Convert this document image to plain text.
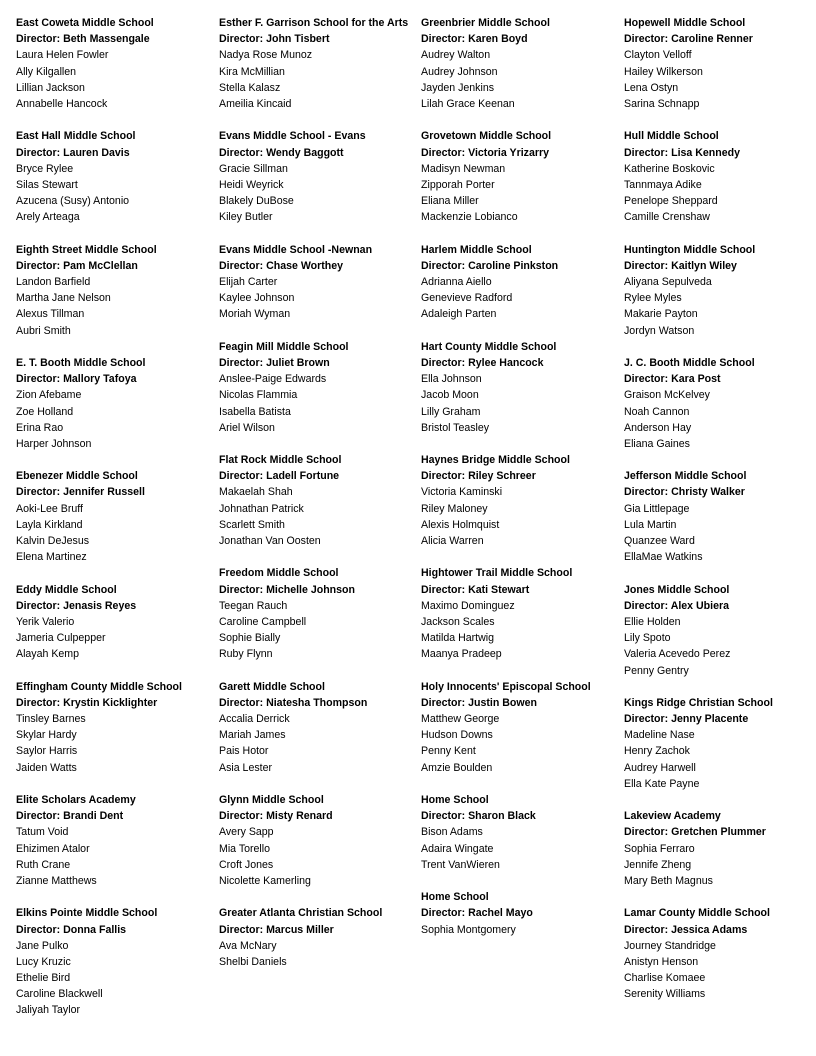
East Coweta Middle School
Director: Beth Massengale
Laura Helen Fowler
Ally Kilgallen
Lillian Jackson
Annabelle Hancock
East Hall Middle School
Director: Lauren Davis
Bryce Rylee
Silas Stewart
Azucena (Susy) Antonio
Arely Arteaga
Eighth Street Middle School
Director: Pam McClellan
Landon Barfield
Martha Jane Nelson
Alexus Tillman
Aubri Smith
E. T. Booth Middle School
Director: Mallory Tafoya
Zion Afebame
Zoe Holland
Erina Rao
Harper Johnson
Ebenezer Middle School
Director: Jennifer Russell
Aoki-Lee Bruff
Layla Kirkland
Kalvin DeJesus
Elena Martinez
Eddy Middle School
Director: Jenasis Reyes
Yerik Valerio
Jameria Culpepper
Alayah Kemp
Effingham County Middle School
Director: Krystin Kicklighter
Tinsley Barnes
Skylar Hardy
Saylor Harris
Jaiden Watts
Elite Scholars Academy
Director: Brandi Dent
Tatum Void
Ehizimen Atalor
Ruth Crane
Zianne Matthews
Elkins Pointe Middle School
Director: Donna Fallis
Jane Pulko
Lucy Kruzic
Ethelie Bird
Caroline Blackwell
Jaliyah Taylor
Esther F. Garrison School for the Arts
Director: John Tisbert
Nadya Rose Munoz
Kira McMillian
Stella Kalasz
Ameilia Kincaid
Evans Middle School - Evans
Director: Wendy Baggott
Gracie Sillman
Heidi Weyrick
Blakely DuBose
Kiley Butler
Evans Middle School -Newnan
Director: Chase Worthey
Elijah Carter
Kaylee Johnson
Moriah Wyman
Feagin Mill Middle School
Director: Juliet Brown
Anslee-Paige Edwards
Nicolas Flammia
Isabella Batista
Ariel Wilson
Flat Rock Middle School
Director: Ladell Fortune
Makaelah Shah
Johnathan Patrick
Scarlett Smith
Jonathan Van Oosten
Freedom Middle School
Director: Michelle Johnson
Teegan Rauch
Caroline Campbell
Sophie Bially
Ruby Flynn
Garett Middle School
Director: Niatesha Thompson
Accalia Derrick
Mariah James
Pais Hotor
Asia Lester
Glynn Middle School
Director: Misty Renard
Avery Sapp
Mia Torello
Croft Jones
Nicolette Kamerling
Greater Atlanta Christian School
Director: Marcus Miller
Ava McNary
Shelbi Daniels
Greenbrier Middle School
Director: Karen Boyd
Audrey Walton
Audrey Johnson
Jayden Jenkins
Lilah Grace Keenan
Grovetown Middle School
Director: Victoria Yrizarry
Madisyn Newman
Zipporah Porter
Eliana Miller
Mackenzie Lobianco
Harlem Middle School
Director: Caroline Pinkston
Adrianna Aiello
Genevieve Radford
Adaleigh Parten
Hart County Middle School
Director: Rylee Hancock
Ella Johnson
Jacob Moon
Lilly Graham
Bristol Teasley
Haynes Bridge Middle School
Director: Riley Schreer
Victoria Kaminski
Riley Maloney
Alexis Holmquist
Alicia Warren
Hightower Trail Middle School
Director: Kati Stewart
Maximo Dominguez
Jackson Scales
Matilda Hartwig
Maanya Pradeep
Holy Innocents' Episcopal School
Director: Justin Bowen
Matthew George
Hudson Downs
Penny Kent
Amzie Boulden
Home School
Director: Sharon Black
Bison Adams
Adaira Wingate
Trent VanWieren
Home School
Director: Rachel Mayo
Sophia Montgomery
Hopewell Middle School
Director: Caroline Renner
Clayton Velloff
Hailey Wilkerson
Lena Ostyn
Sarina Schnapp
Hull Middle School
Director: Lisa Kennedy
Katherine Boskovic
Tannmaya Adike
Penelope Sheppard
Camille Crenshaw
Huntington Middle School
Director: Kaitlyn Wiley
Aliyana Sepulveda
Rylee Myles
Makarie Payton
Jordyn Watson
J. C. Booth Middle School
Director: Kara Post
Graison McKelvey
Noah Cannon
Anderson Hay
Eliana Gaines
Jefferson Middle School
Director: Christy Walker
Gia Littlepage
Lula Martin
Quanzee Ward
EllaMae Watkins
Jones Middle School
Director: Alex Ubiera
Ellie Holden
Lily Spoto
Valeria Acevedo Perez
Penny Gentry
Kings Ridge Christian School
Director: Jenny Placente
Madeline Nase
Henry Zachok
Audrey Harwell
Ella Kate Payne
Lakeview Academy
Director: Gretchen Plummer
Sophia Ferraro
Jennife Zheng
Mary Beth Magnus
Lamar County Middle School
Director: Jessica Adams
Journey Standridge
Anistyn Henson
Charlise Komaee
Serenity Williams
